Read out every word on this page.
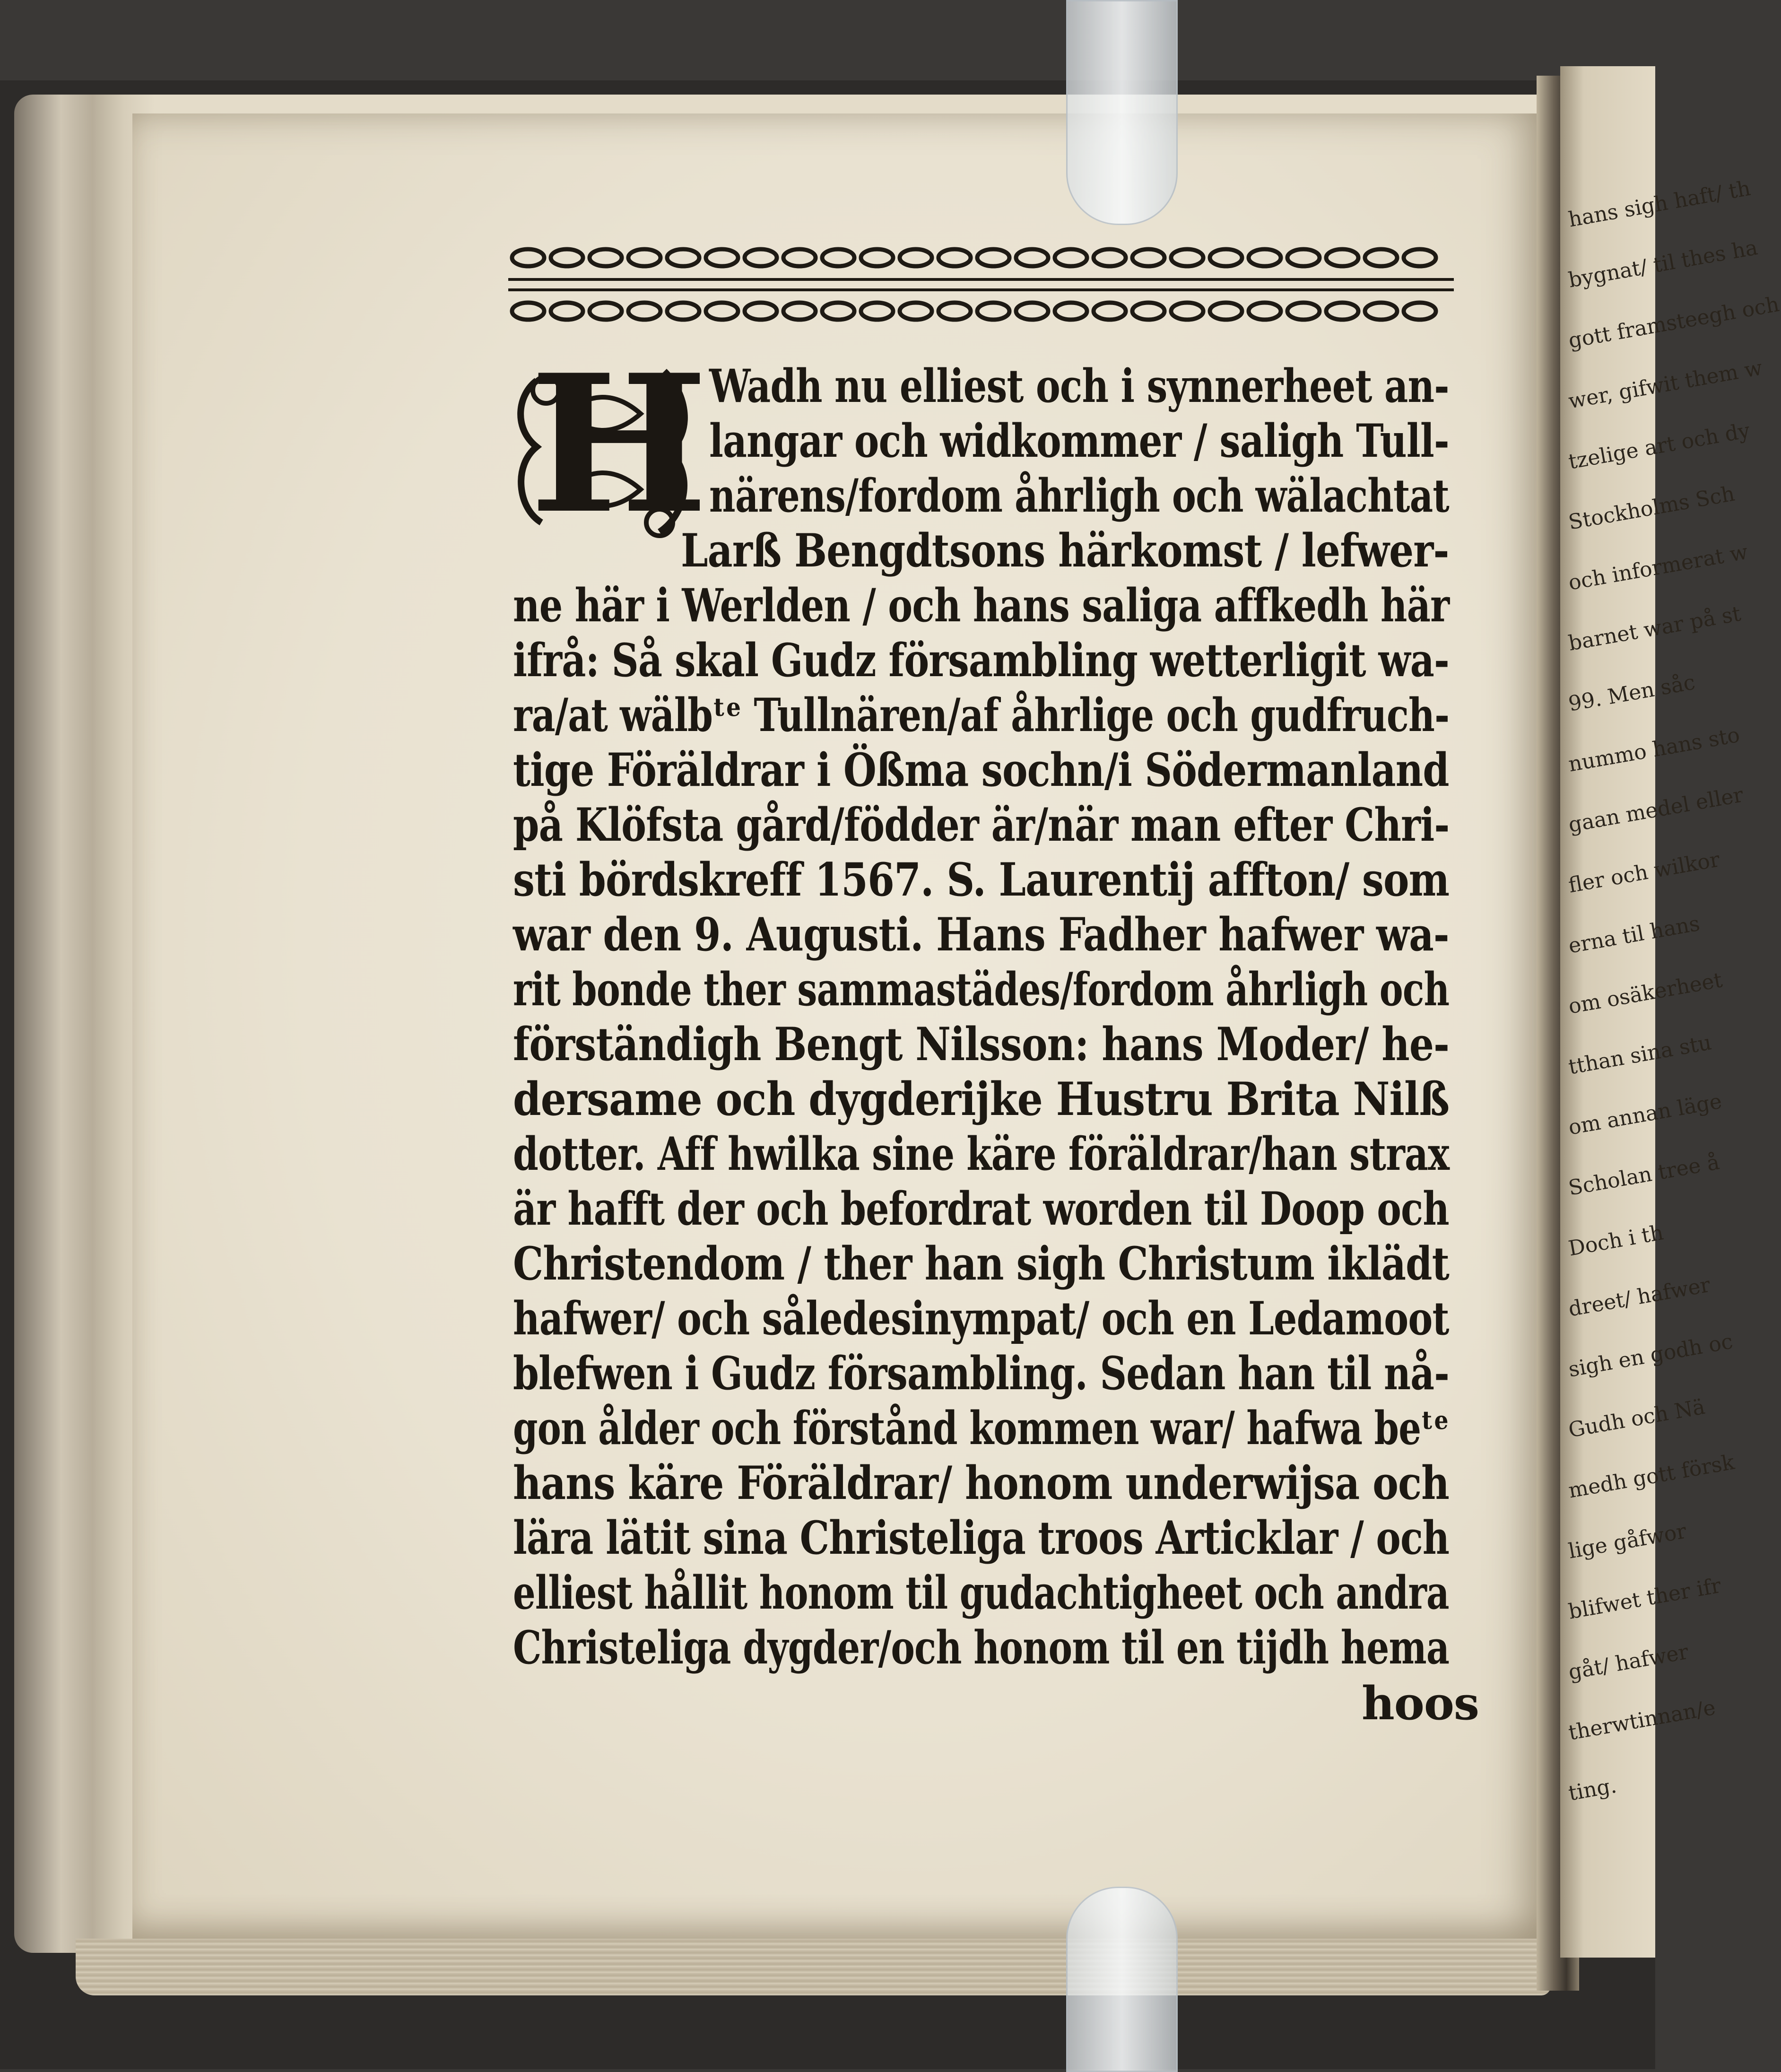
hans sigh haft/ th
bygnat/ til thes ha
gott framsteegh och
wer, gifwit them w
tzelige art och dy
Stockholms Sch
och informerat w
barnet war på st
99. Men såc
nummo hans sto
gaan medel eller
fler och wilkor
erna til hans
om osäkerheet
tthan sina stu
om annan läge
Scholan tree å
Doch i th
dreet/ hafwer
sigh en godh oc
Gudh och Nä
medh gott försk
lige gåfwor
blifwet ther ifr
gåt/ hafwer
therwtinnan/e
ting.
H Wadh nu elliest och i synnerheet an-
langar och widkommer / saligh Tull-
närens/fordom åhrligh och wälachtat
Larß Bengdtsons härkomst / lefwer-
ne här i Werlden / och hans saliga affkedh här
ifrå: Så skal Gudz försambling wetterligit wa-
ra/at wälbᵗᵉ Tullnären/af åhrlige och gudfruch-
tige Föräldrar i Ößma sochn/i Södermanland
på Klöfsta gård/födder är/när man efter Chri-
sti bördskreff 1567. S. Laurentij affton/ som
war den 9. Augusti. Hans Fadher hafwer wa-
rit bonde ther sammastädes/fordom åhrligh och
förständigh Bengt Nilsson: hans Moder/ he-
dersame och dygderijke Hustru Brita Nilß
dotter. Aff hwilka sine käre föräldrar/han strax
är hafft der och befordrat worden til Doop och
Christendom / ther han sigh Christum iklädt
hafwer/ och såledesinympat/ och en Ledamoot
blefwen i Gudz försambling. Sedan han til nå-
gon ålder och förstånd kommen war/ hafwa beᵗᵉ
hans käre Föräldrar/ honom underwijsa och
lära lätit sina Christeliga troos Articklar / och
elliest hållit honom til gudachtigheet och andra
Christeliga dygder/och honom til en tijdh hema
hoos
